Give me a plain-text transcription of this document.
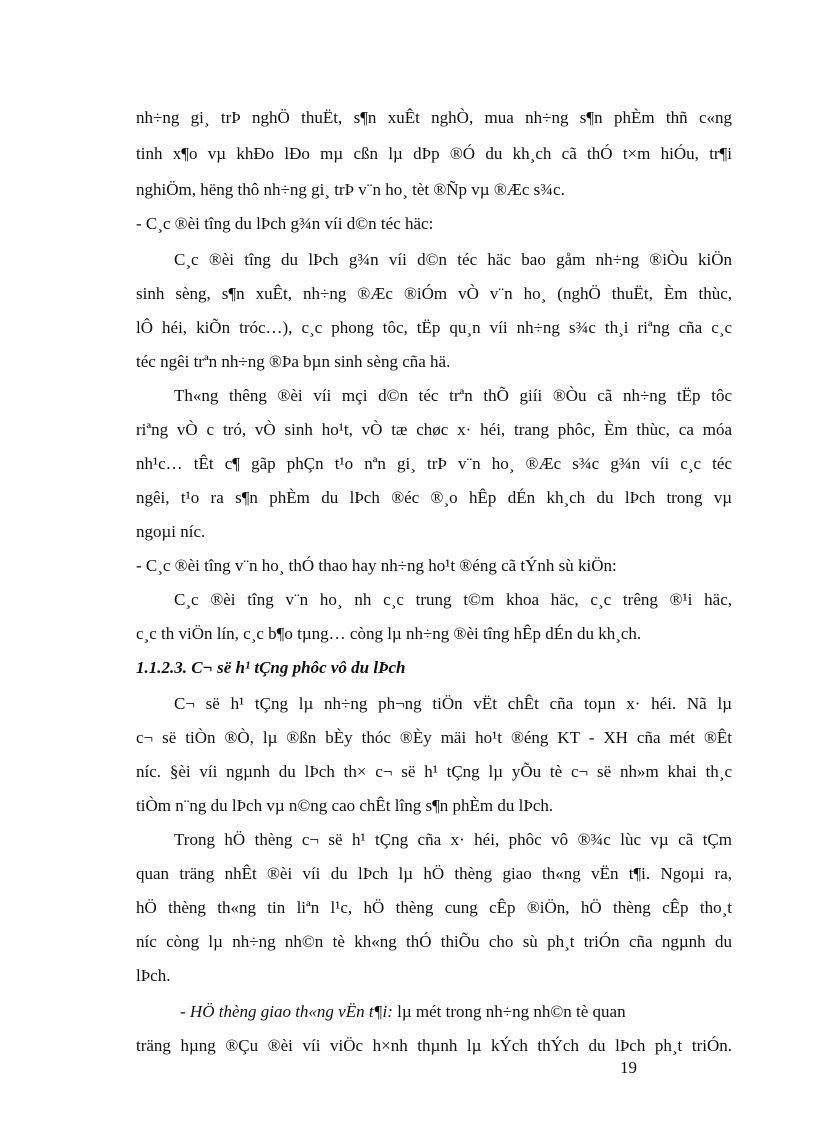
nh÷ng gi¸ trÞ nghÖ thuËt, s¶n xuÊt nghÒ, mua nh÷ng s¶n phÈm thñ c«ng
tinh x¶o vµ khÐo lÐo mµ cßn lµ dÞp ®Ó du kh¸ch cã thÓ t×m hiÓu, tr¶i
nghiÖm, hëng thô nh÷ng gi¸ trÞ v¨n ho¸ tèt ®Ñp vµ ®Æc s¾c.
- C¸c ®èi tîng du lÞch g¾n víi d©n téc häc:
C¸c ®èi tîng du lÞch g¾n víi d©n téc häc bao gåm nh÷ng ®iÒu kiÖn
sinh sèng, s¶n xuÊt, nh÷ng ®Æc ®iÓm vÒ v¨n ho¸ (nghÖ thuËt, Èm thùc,
lÔ héi, kiÕn tróc…), c¸c phong tôc, tËp qu¸n víi nh÷ng s¾c th¸i riªng cña c¸c
téc ngêi trªn nh÷ng ®Þa bµn sinh sèng cña hä.
Th«ng thêng ®èi víi mçi d©n téc trªn thÕ giíi ®Òu cã nh÷ng tËp tôc
riªng vÒ c tró, vÒ sinh ho¹t, vÒ tæ chøc x· héi, trang phôc, Èm thùc, ca móa
nh¹c… tÊt c¶ gãp phÇn t¹o nªn gi¸ trÞ v¨n ho¸ ®Æc s¾c g¾n víi c¸c téc
ngêi, t¹o ra s¶n phÈm du lÞch ®éc ®¸o hÊp dÉn kh¸ch du lÞch trong vµ
ngoµi níc.
- C¸c ®èi tîng v¨n ho¸ thÓ thao hay nh÷ng ho¹t ®éng cã tÝnh sù kiÖn:
C¸c ®èi tîng v¨n ho¸ nh c¸c trung t©m khoa häc, c¸c trêng ®¹i häc,
c¸c th viÖn lín, c¸c b¶o tµng… còng lµ nh÷ng ®èi tîng hÊp dÉn du kh¸ch.
1.1.2.3. C¬ së h¹ tÇng phôc vô du lÞch
C¬ së h¹ tÇng lµ nh÷ng ph¬ng tiÖn vËt chÊt cña toµn x· héi. Nã lµ
c¬ së tiÒn ®Ò, lµ ®ßn bÈy thóc ®Èy mäi ho¹t ®éng KT - XH cña mét ®Êt
níc. §èi víi ngµnh du lÞch th× c¬ së h¹ tÇng lµ yÕu tè c¬ së nh»m khai th¸c
tiÒm n¨ng du lÞch vµ n©ng cao chÊt lîng s¶n phÈm du lÞch.
Trong hÖ thèng c¬ së h¹ tÇng cña x· héi, phôc vô ®¾c lùc vµ cã tÇm
quan träng nhÊt ®èi víi du lÞch lµ hÖ thèng giao th«ng vËn t¶i. Ngoµi ra,
hÖ thèng th«ng tin liªn l¹c, hÖ thèng cung cÊp ®iÖn, hÖ thèng cÊp tho¸t
níc còng lµ nh÷ng nh©n tè kh«ng thÓ thiÕu cho sù ph¸t triÓn cña ngµnh du
lÞch.
- HÖ thèng giao th«ng vËn t¶i: lµ mét trong nh÷ng nh©n tè quan
träng hµng ®Çu ®èi víi viÖc h×nh thµnh lµ kÝch thÝch du lÞch ph¸t triÓn.
19
